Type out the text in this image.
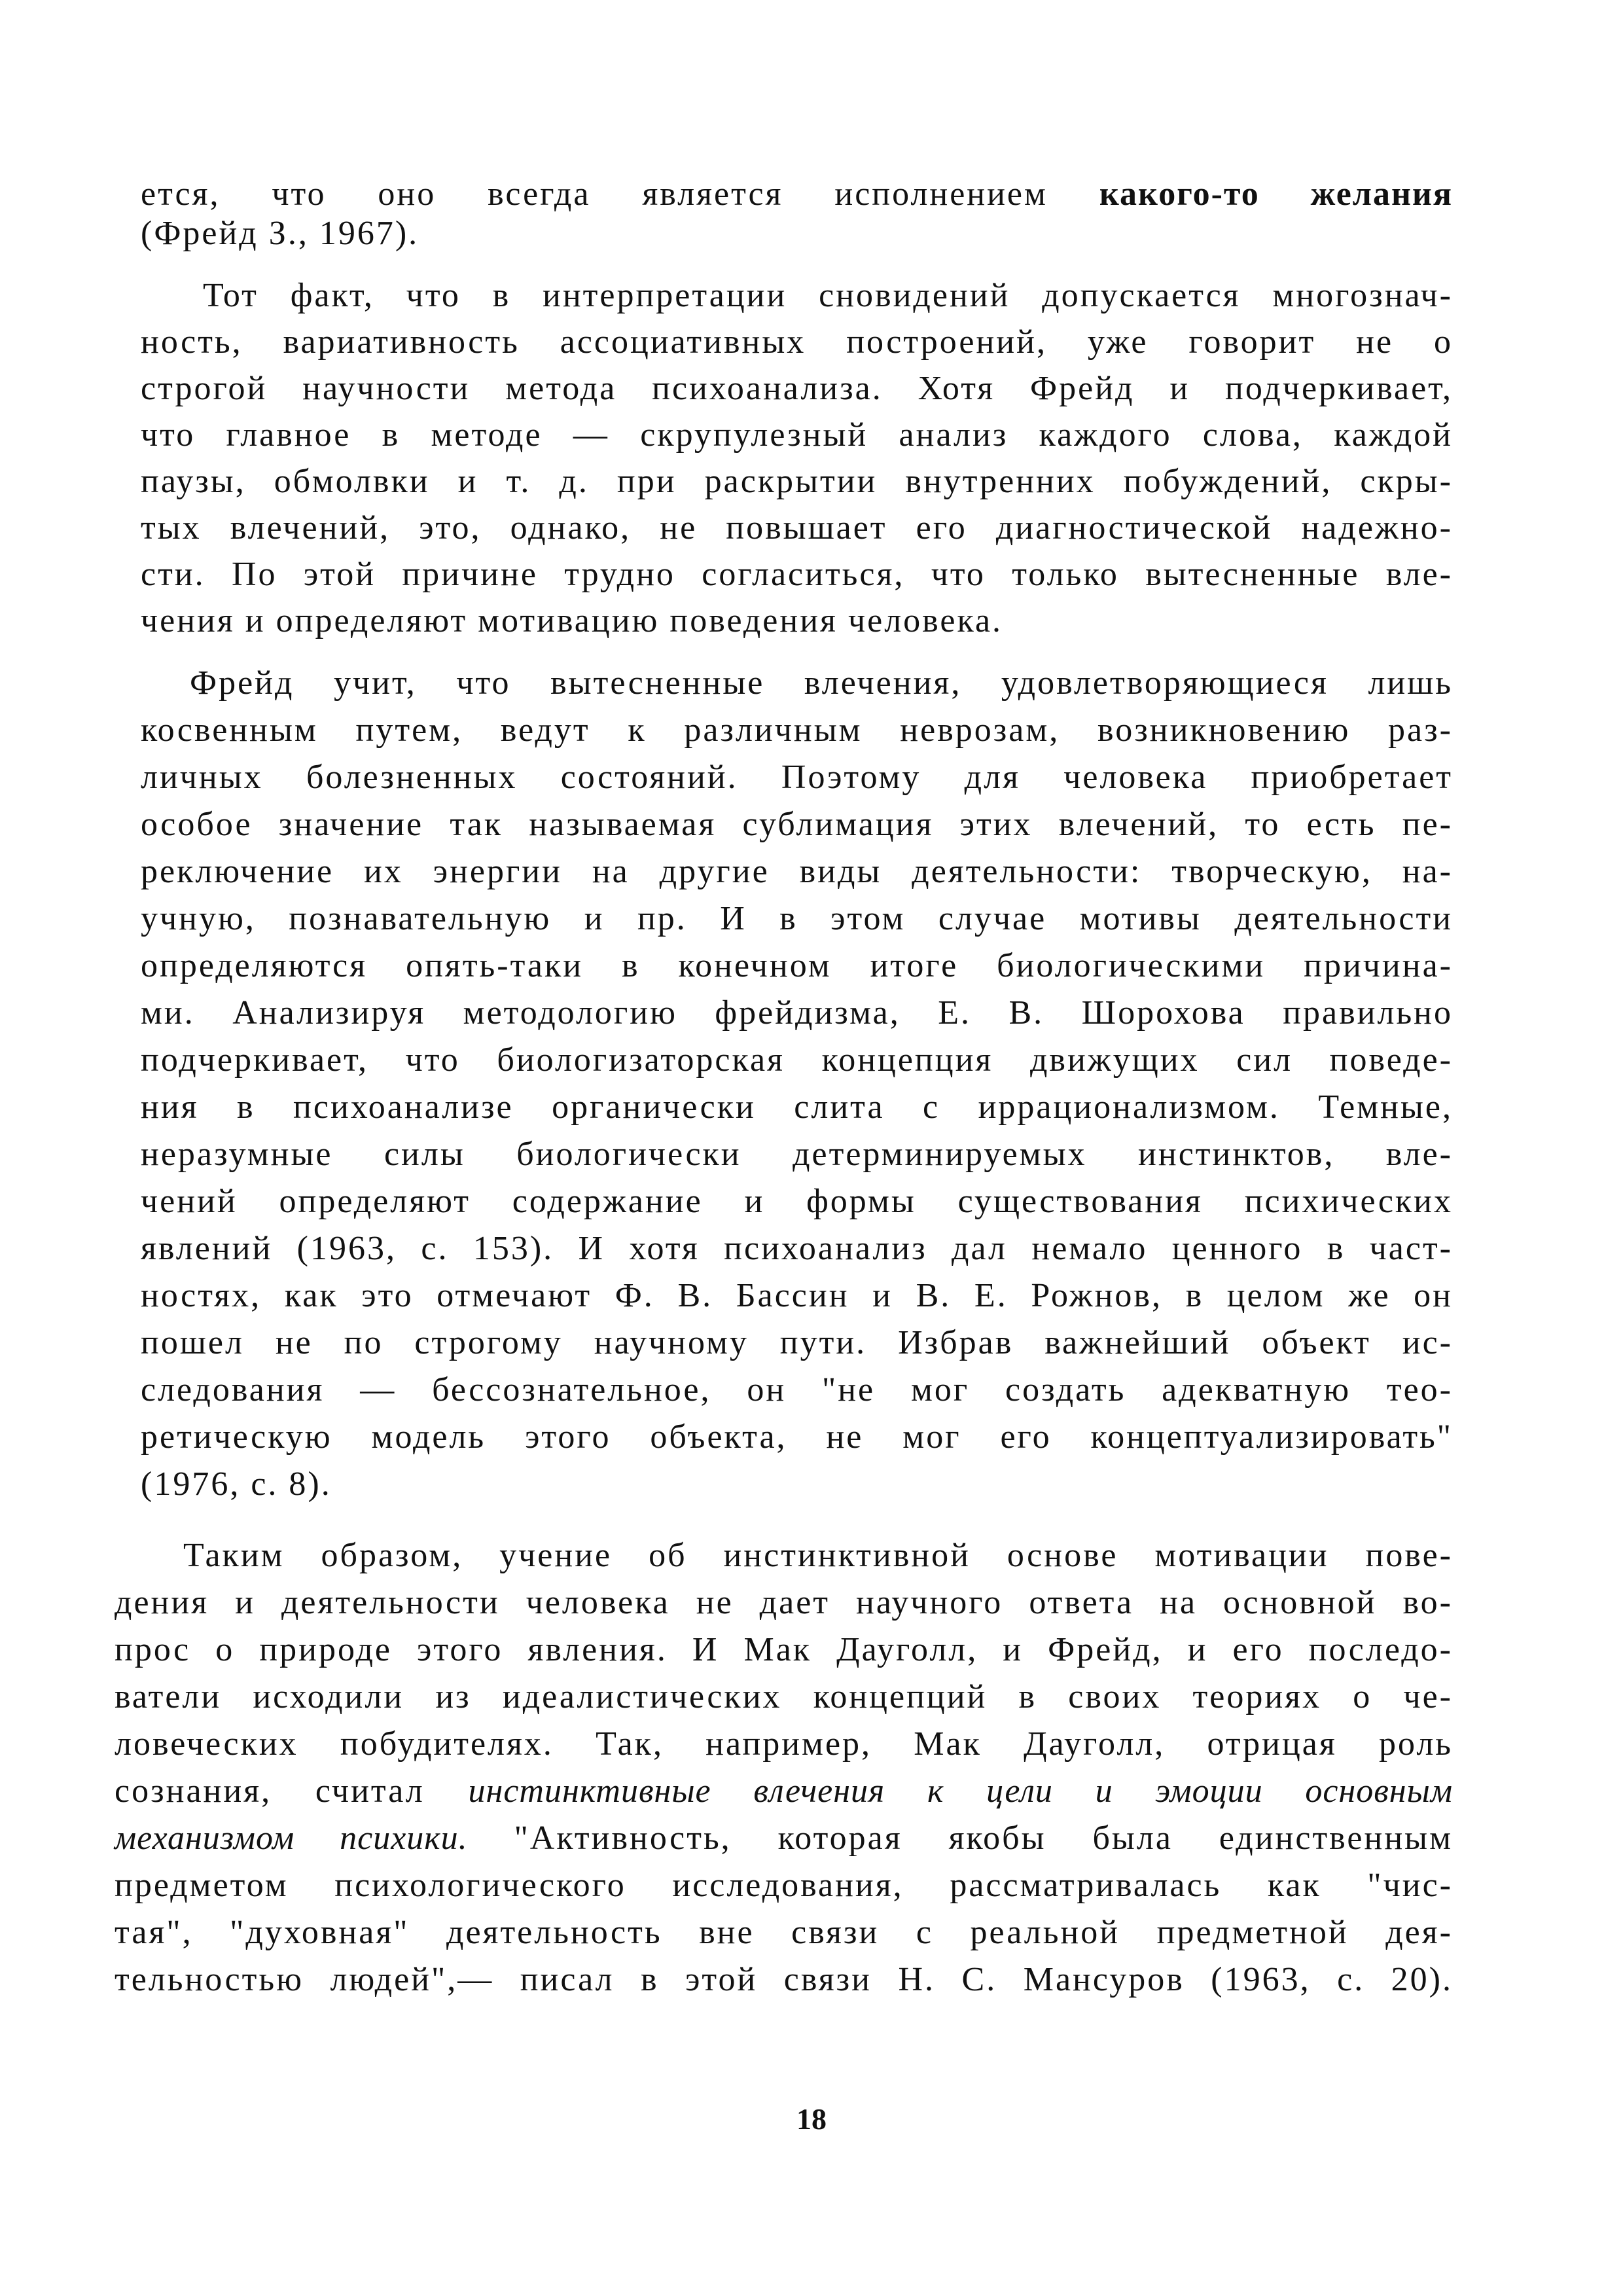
ется, что оно всегда является исполнением какого-то желания
(Фрейд З., 1967).
Тот факт, что в интерпретации сновидений допускается многознач-
ность, вариативность ассоциативных построений, уже говорит не о
строгой научности метода психоанализа. Хотя Фрейд и подчеркивает,
что главное в методе — скрупулезный анализ каждого слова, каждой
паузы, обмолвки и т. д. при раскрытии внутренних побуждений, скры-
тых влечений, это, однако, не повышает его диагностической надежно-
сти. По этой причине трудно согласиться, что только вытесненные вле-
чения и определяют мотивацию поведения человека.
Фрейд учит, что вытесненные влечения, удовлетворяющиеся лишь
косвенным путем, ведут к различным неврозам, возникновению раз-
личных болезненных состояний. Поэтому для человека приобретает
особое значение так называемая сублимация этих влечений, то есть пе-
реключение их энергии на другие виды деятельности: творческую, на-
учную, познавательную и пр. И в этом случае мотивы деятельности
определяются опять-таки в конечном итоге биологическими причина-
ми. Анализируя методологию фрейдизма, Е. В. Шорохова правильно
подчеркивает, что биологизаторская концепция движущих сил поведе-
ния в психоанализе органически слита с иррационализмом. Темные,
неразумные силы биологически детерминируемых инстинктов, вле-
чений определяют содержание и формы существования психических
явлений (1963, с. 153). И хотя психоанализ дал немало ценного в част-
ностях, как это отмечают Ф. В. Бассин и В. Е. Рожнов, в целом же он
пошел не по строгому научному пути. Избрав важнейший объект ис-
следования — бессознательное, он "не мог создать адекватную тео-
ретическую модель этого объекта, не мог его концептуализировать"
(1976, с. 8).
Таким образом, учение об инстинктивной основе мотивации пове-
дения и деятельности человека не дает научного ответа на основной во-
прос о природе этого явления. И Мак Дауголл, и Фрейд, и его последо-
ватели исходили из идеалистических концепций в своих теориях о че-
ловеческих побудителях. Так, например, Мак Дауголл, отрицая роль
сознания, считал инстинктивные влечения к цели и эмоции основным
механизмом психики. "Активность, которая якобы была единственным
предметом психологического исследования, рассматривалась как "чис-
тая", "духовная" деятельность вне связи с реальной предметной дея-
тельностью людей",— писал в этой связи Н. С. Мансуров (1963, с. 20).
18
